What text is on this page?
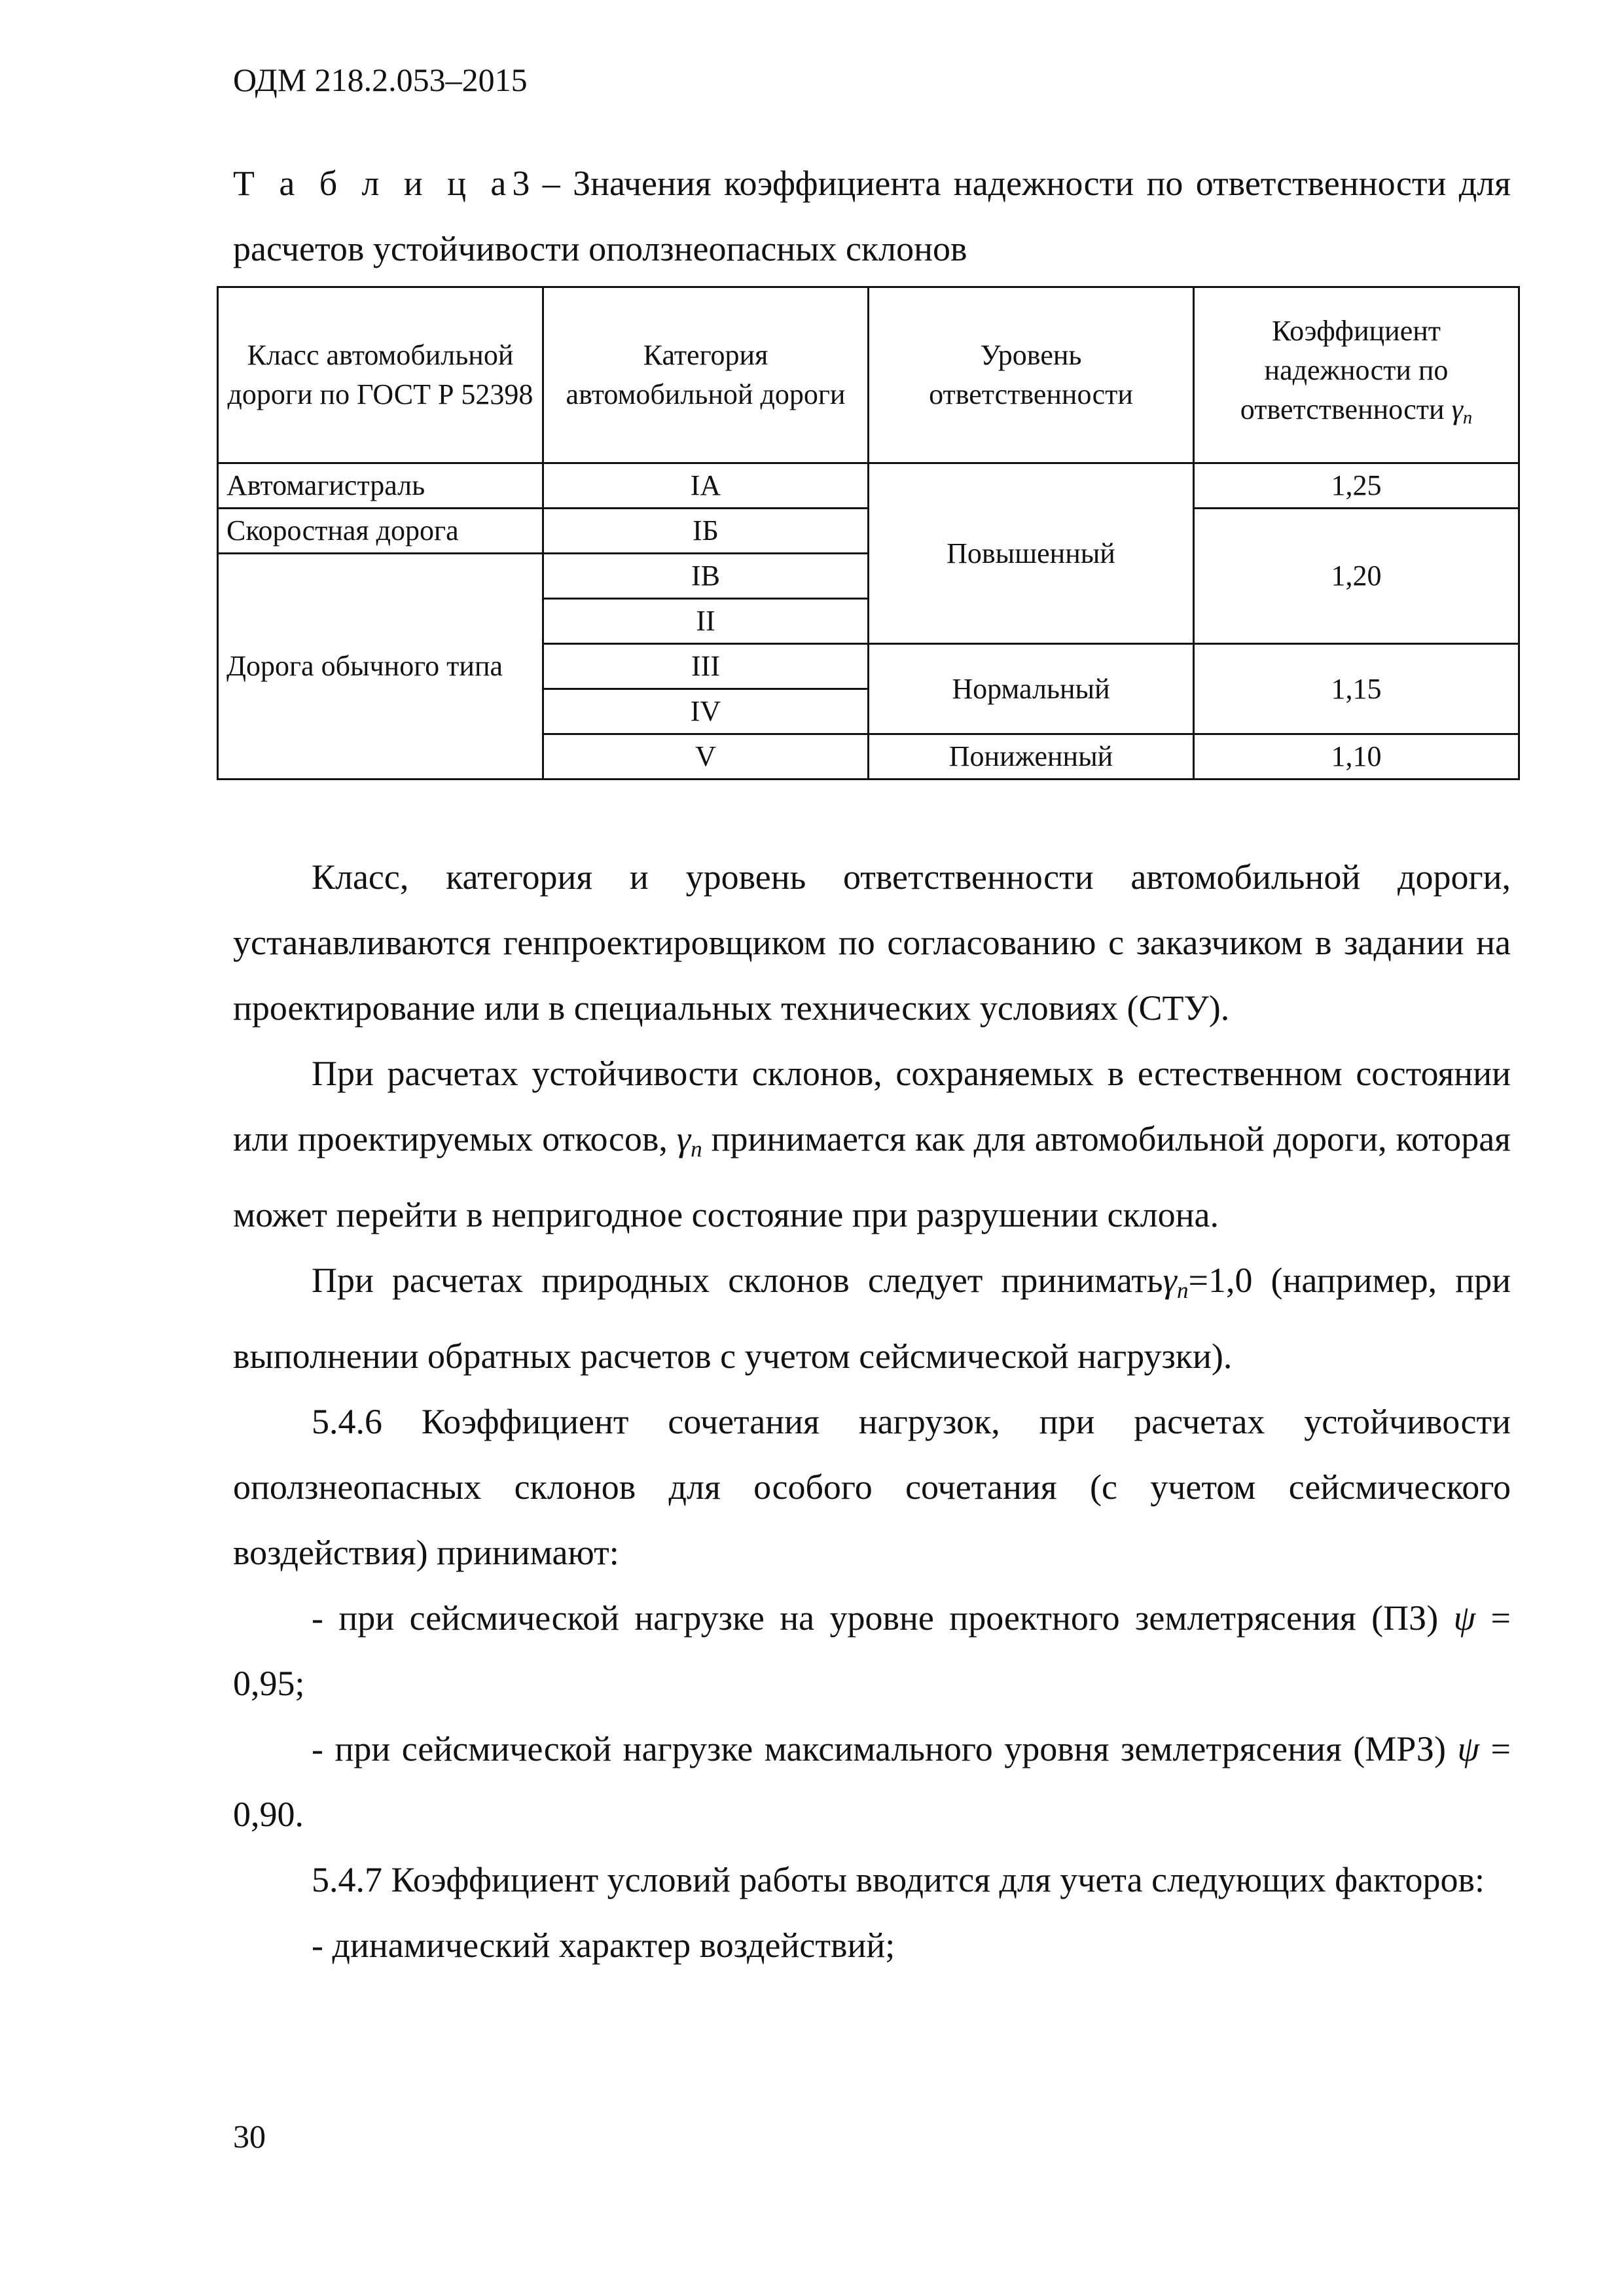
ОДМ 218.2.053–2015
Т а б л и ц а3 – Значения коэффициента надежности по ответственности для расчетов устойчивости оползнеопасных склонов
Класс автомобильной дороги по ГОСТ Р 52398	Категория автомобильной дороги	Уровень ответственности	Коэффициент надежности по ответственности $\gamma_n$
Автомагистраль	IA	Повышенный	1,25
Скоростная дорога	IБ		1,20
Дорога обычного типа	IB		
	II		
	III	Нормальный	1,15
	IV		
	V	Пониженный	1,10

Класс, категория и уровень ответственности автомобильной дороги, устанавливаются генпроектировщиком по согласованию с заказчиком в задании на проектирование или в специальных технических условиях (СТУ).

При расчетах устойчивости склонов, сохраняемых в естественном состоянии или проектируемых откосов, $\gamma_n$ принимается как для автомобильной дороги, которая может перейти в непригодное состояние при разрушении склона.

При расчетах природных склонов следует приниматьγ$_n$=1,0 (например, при выполнении обратных расчетов с учетом сейсмической нагрузки).

5.4.6 Коэффициент сочетания нагрузок, при расчетах устойчивости оползнеопасных склонов для особого сочетания (с учетом сейсмического воздействия) принимают:

- при сейсмической нагрузке на уровне проектного землетрясения (ПЗ) ψ = 0,95;

- при сейсмической нагрузке максимального уровня землетрясения (МРЗ) ψ = 0,90.

5.4.7 Коэффициент условий работы вводится для учета следующих факторов:

- динамический характер воздействий;

30
